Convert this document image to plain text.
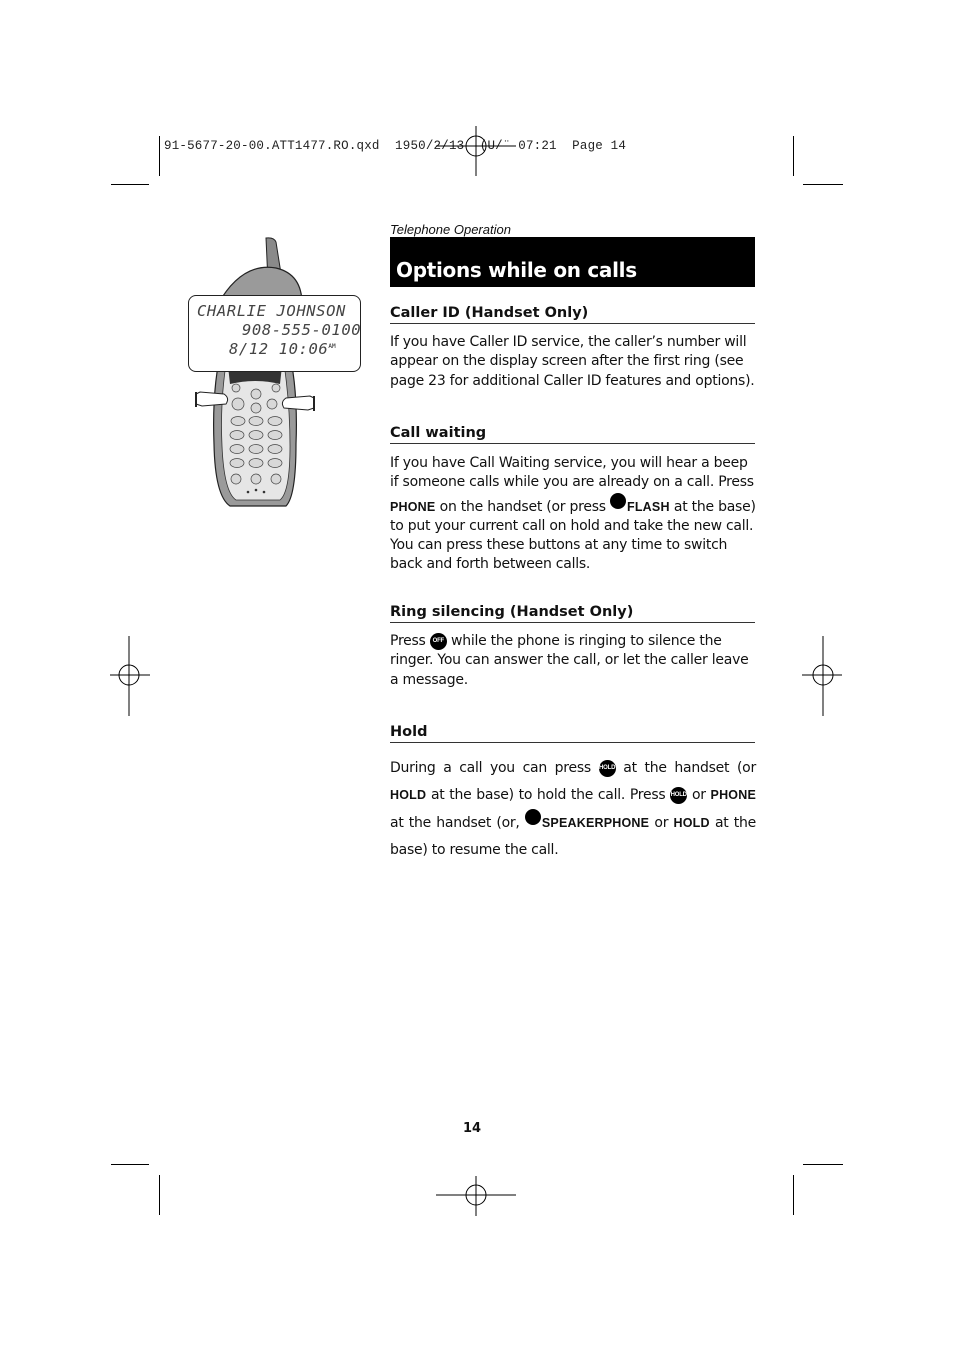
91-5677-20-00.ATT1477.RO.qxd  1950/2/13  (U/¨ 07:21  Page 14
CHARLIE JOHNSON
908-555-0100
8/12 $10:06^{AM}$
Telephone Operation
Options while on calls
Caller ID (Handset Only)
If you have Caller ID service, the caller’s number will appear on the display screen after the first ring (see page 23 for additional Caller ID features and options).
Call waiting
If you have Call Waiting service, you will hear a beep if someone calls while you are already on a call. Press PHONE on the handset (or press FLASH at the base) to put your current call on hold and take the new call. You can press these buttons at any time to switch back and forth between calls.
Ring silencing (Handset Only)
Press OFF while the phone is ringing to silence the ringer. You can answer the call, or let the caller leave a message.
Hold
During a call you can press HOLD at the handset (or HOLD at the base) to hold the call. Press HOLD or PHONE at the handset (or, SPEAKERPHONE or HOLD at the base) to resume the call.
14
